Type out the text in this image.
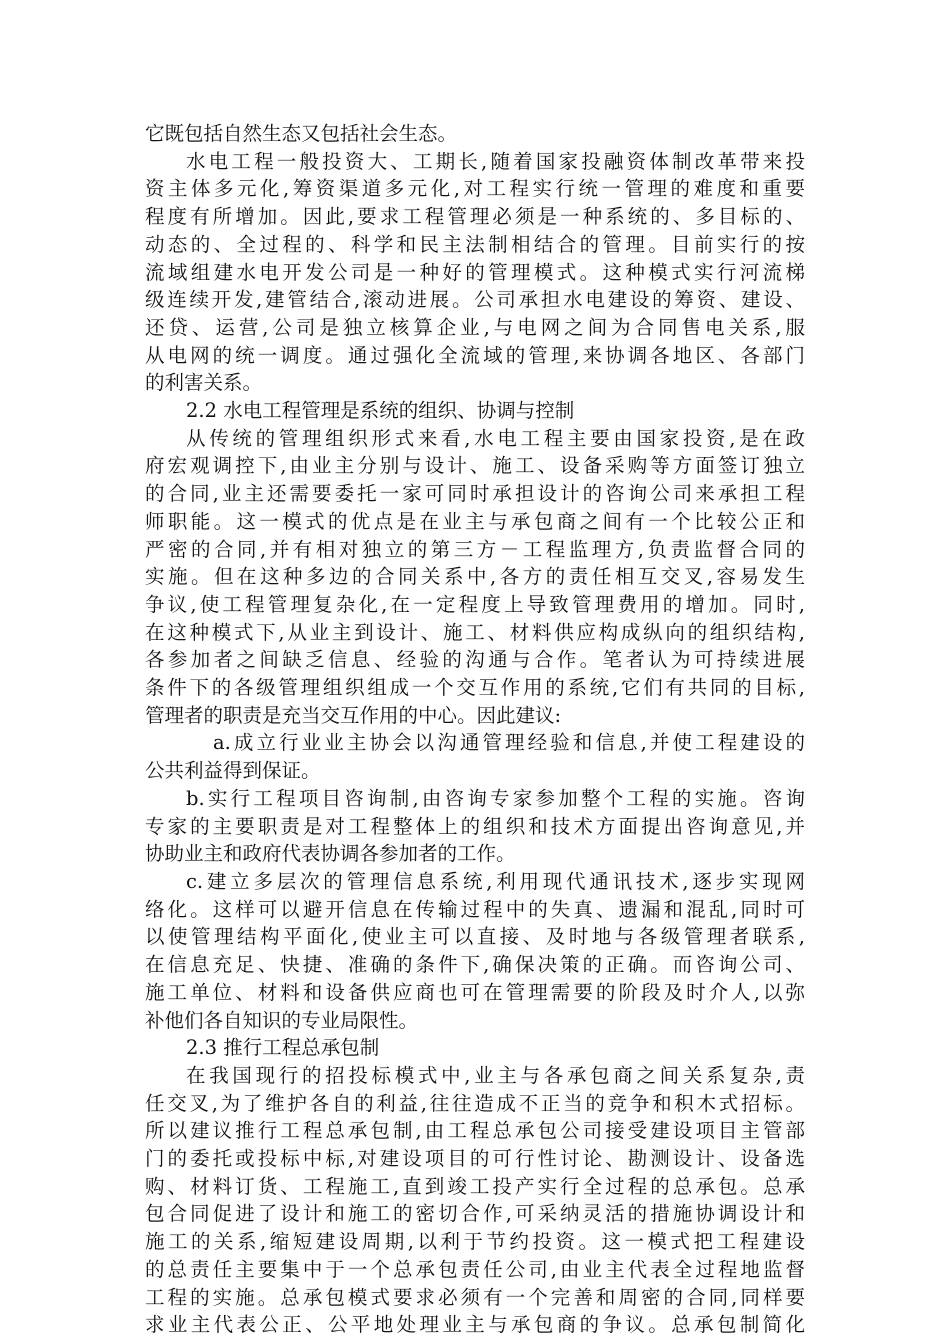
它既包括自然生态又包括社会生态。
水电工程一般投资大、工期长,随着国家投融资体制改革带来投
资主体多元化,筹资渠道多元化,对工程实行统一管理的难度和重要
程度有所增加。因此,要求工程管理必须是一种系统的、多目标的、
动态的、全过程的、科学和民主法制相结合的管理。目前实行的按
流域组建水电开发公司是一种好的管理模式。这种模式实行河流梯
级连续开发,建管结合,滚动进展。公司承担水电建设的筹资、建设、
还贷、运营,公司是独立核算企业,与电网之间为合同售电关系,服
从电网的统一调度。通过强化全流域的管理,来协调各地区、各部门
的利害关系。
2.2 水电工程管理是系统的组织、协调与控制
从传统的管理组织形式来看,水电工程主要由国家投资,是在政
府宏观调控下,由业主分别与设计、施工、设备采购等方面签订独立
的合同,业主还需要委托一家可同时承担设计的咨询公司来承担工程
师职能。这一模式的优点是在业主与承包商之间有一个比较公正和
严密的合同,并有相对独立的第三方－工程监理方,负责监督合同的
实施。但在这种多边的合同关系中,各方的责任相互交叉,容易发生
争议,使工程管理复杂化,在一定程度上导致管理费用的增加。同时,
在这种模式下,从业主到设计、施工、材料供应构成纵向的组织结构,
各参加者之间缺乏信息、经验的沟通与合作。笔者认为可持续进展
条件下的各级管理组织组成一个交互作用的系统,它们有共同的目标,
管理者的职责是充当交互作用的中心。因此建议:
a.成立行业业主协会以沟通管理经验和信息,并使工程建设的
公共利益得到保证。
b.实行工程项目咨询制,由咨询专家参加整个工程的实施。咨询
专家的主要职责是对工程整体上的组织和技术方面提出咨询意见,并
协助业主和政府代表协调各参加者的工作。
c.建立多层次的管理信息系统,利用现代通讯技术,逐步实现网
络化。这样可以避开信息在传输过程中的失真、遗漏和混乱,同时可
以使管理结构平面化,使业主可以直接、及时地与各级管理者联系,
在信息充足、快捷、准确的条件下,确保决策的正确。而咨询公司、
施工单位、材料和设备供应商也可在管理需要的阶段及时介人,以弥
补他们各自知识的专业局限性。
2.3 推行工程总承包制
在我国现行的招投标模式中,业主与各承包商之间关系复杂,责
任交叉,为了维护各自的利益,往往造成不正当的竞争和积木式招标。
所以建议推行工程总承包制,由工程总承包公司接受建设项目主管部
门的委托或投标中标,对建设项目的可行性讨论、勘测设计、设备选
购、材料订货、工程施工,直到竣工投产实行全过程的总承包。总承
包合同促进了设计和施工的密切合作,可采纳灵活的措施协调设计和
施工的关系,缩短建设周期,以利于节约投资。这一模式把工程建设
的总责任主要集中于一个总承包责任公司,由业主代表全过程地监督
工程的实施。总承包模式要求必须有一个完善和周密的合同,同样要
求业主代表公正、公平地处理业主与承包商的争议。总承包制简化
